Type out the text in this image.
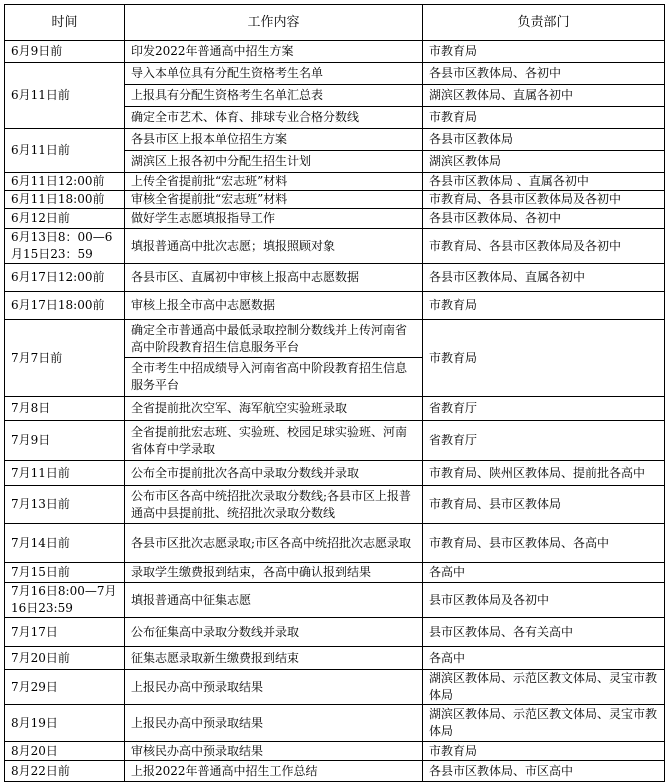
时间	工作内容	负责部门
6月9日前	印发2022年普通高中招生方案	市教育局
6月11日前	导入本单位具有分配生资格考生名单	各县市区教体局、各初中
	上报具有分配生资格考生名单汇总表	湖滨区教体局、直属各初中
	确定全市艺术、体育、排球专业合格分数线	市教育局
6月11日前	各县市区上报本单位招生方案	各县市区教体局
	湖滨区上报各初中分配生招生计划	湖滨区教体局
6月11日12:00前	上传全省提前批“宏志班”材料	各县市区教体局 、直属各初中
6月11日18:00前	审核全省提前批“宏志班”材料	市教育局、各县市区教体局及各初中
6月12日前	做好学生志愿填报指导工作	各县市区教体局、各初中
6月13日8：00—6月15日23：59	填报普通高中批次志愿；填报照顾对象	市教育局、各县市区教体局及各初中
6月17日12:00前	各县市区、直属初中审核上报高中志愿数据	各县市区教体局、直属各初中
6月17日18:00前	审核上报全市高中志愿数据	市教育局
7月7日前	确定全市普通高中最低录取控制分数线并上传河南省高中阶段教育招生信息服务平台	市教育局
	全市考生中招成绩导入河南省高中阶段教育招生信息服务平台	
7月8日	全省提前批次空军、海军航空实验班录取	省教育厅
7月9日	全省提前批宏志班、实验班、校园足球实验班、河南省体育中学录取	省教育厅
7月11日前	公布全市提前批次各高中录取分数线并录取	市教育局、陕州区教体局、提前批各高中
7月13日前	公布市区各高中统招批次录取分数线;各县市区上报普通高中县提前批、统招批次录取分数线	市教育局、县市区教体局
7月14日前	各县市区批次志愿录取;市区各高中统招批次志愿录取	市教育局、县市区教体局、各高中
7月15日前	录取学生缴费报到结束，各高中确认报到结果	各高中
7月16日8:00—7月16日23:59	填报普通高中征集志愿	县市区教体局及各初中
7月17日	公布征集高中录取分数线并录取	县市区教体局、各有关高中
7月20日前	征集志愿录取新生缴费报到结束	各高中
7月29日	上报民办高中预录取结果	湖滨区教体局、示范区教文体局、灵宝市教体局
8月19日	上报民办高中预录取结果	湖滨区教体局、示范区教文体局、灵宝市教体局
8月20日	审核民办高中预录取结果	市教育局
8月22日前	上报2022年普通高中招生工作总结	各县市区教体局、市区高中
